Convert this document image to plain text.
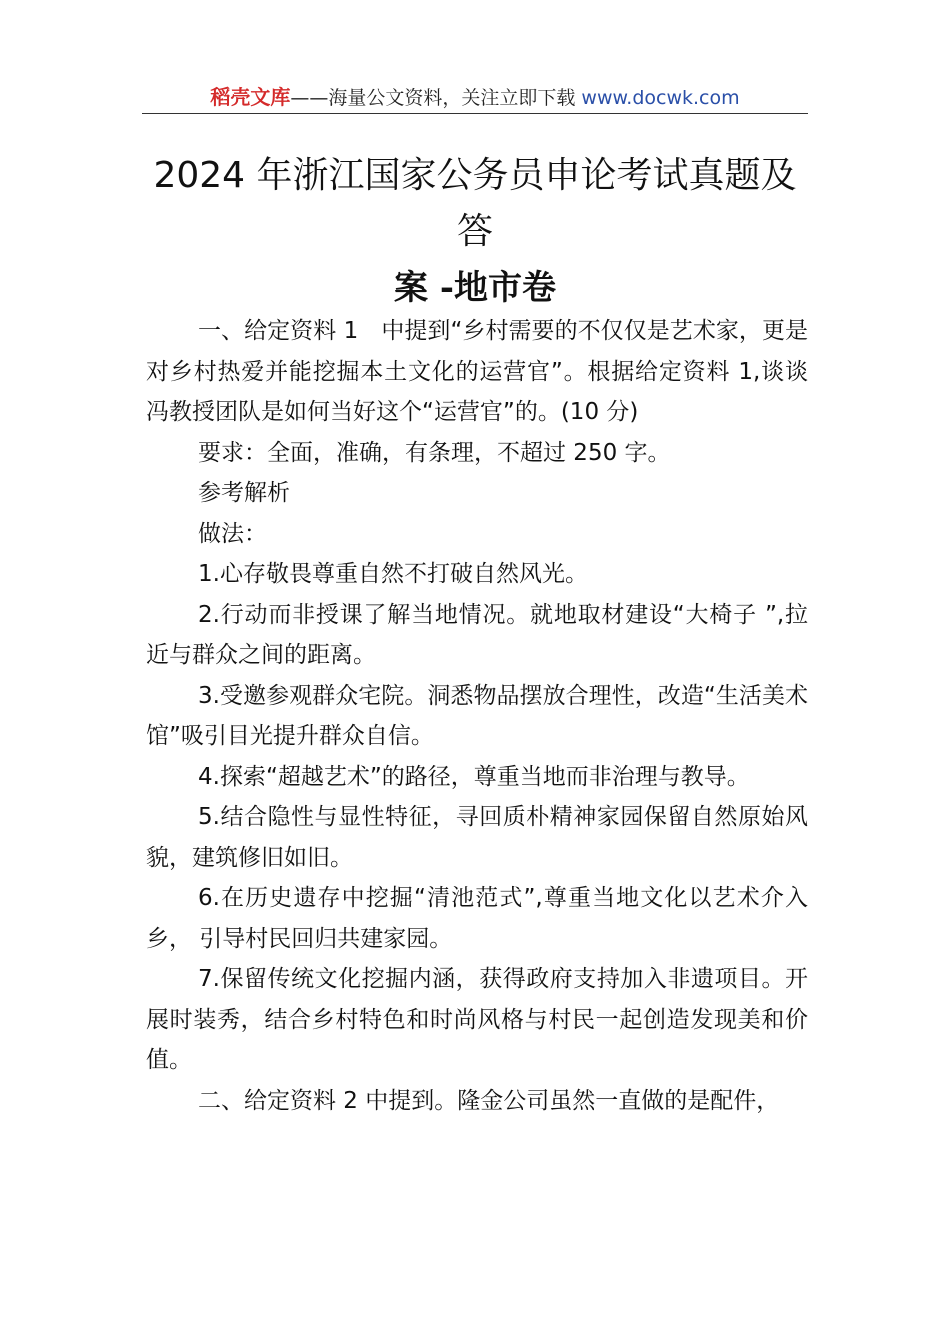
稻壳文库——海量公文资料，关注立即下载 www.docwk.com
2024 年浙江国家公务员申论考试真题及答
案 -地市卷

一、给定资料 1　中提到“乡村需要的不仅仅是艺术家，更是对乡村热爱并能挖掘本土文化的运营官”。根据给定资料 1,谈谈冯教授团队是如何当好这个“运营官”的。(10 分)

要求：全面，准确，有条理，不超过 250 字。

参考解析

做法：

1.心存敬畏尊重自然不打破自然风光。

2.行动而非授课了解当地情况。就地取材建设“大椅子 ”,拉近与群众之间的距离。

3.受邀参观群众宅院。洞悉物品摆放合理性，改造“生活美术馆”吸引目光提升群众自信。

4.探索“超越艺术”的路径，尊重当地而非治理与教导。

5.结合隐性与显性特征，寻回质朴精神家园保留自然原始风貌，建筑修旧如旧。

6.在历史遗存中挖掘“清池范式”,尊重当地文化以艺术介入乡， 引导村民回归共建家园。

7.保留传统文化挖掘内涵，获得政府支持加入非遗项目。开展时装秀，结合乡村特色和时尚风格与村民一起创造发现美和价值。

二、给定资料 2 中提到。隆金公司虽然一直做的是配件，
